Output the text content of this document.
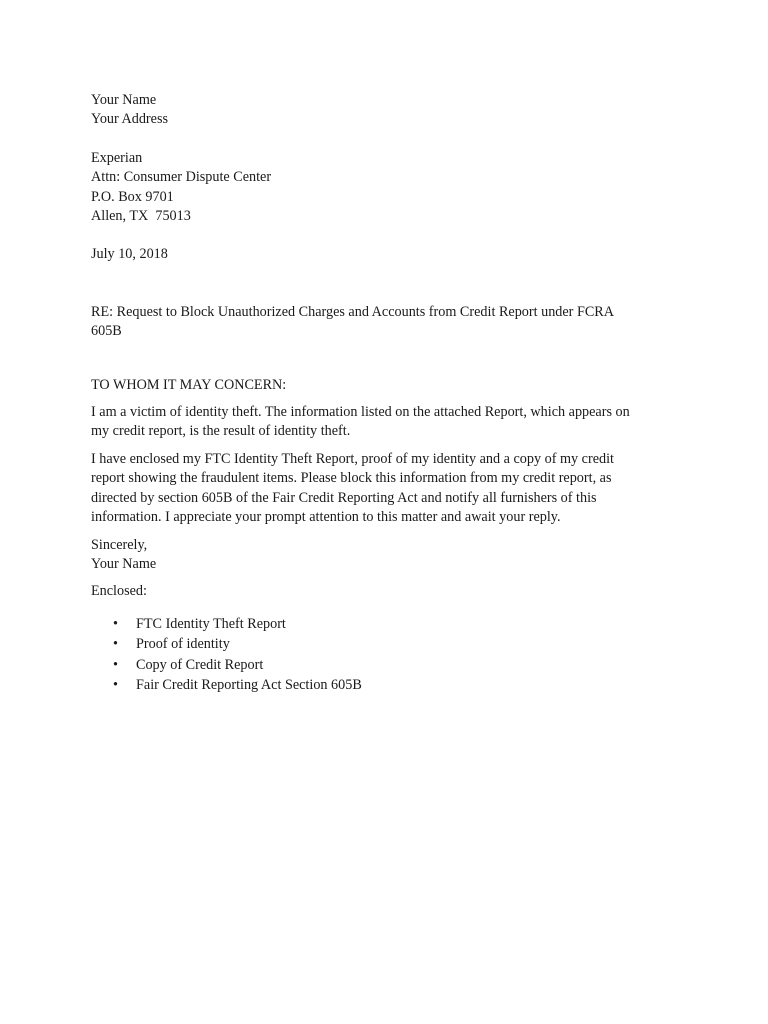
Your Name
Your Address
Experian
Attn: Consumer Dispute Center
P.O. Box 9701
Allen, TX  75013
July 10, 2018
RE: Request to Block Unauthorized Charges and Accounts from Credit Report under FCRA
605B
TO WHOM IT MAY CONCERN:
I am a victim of identity theft. The information listed on the attached Report, which appears on
my credit report, is the result of identity theft.
I have enclosed my FTC Identity Theft Report, proof of my identity and a copy of my credit
report showing the fraudulent items. Please block this information from my credit report, as
directed by section 605B of the Fair Credit Reporting Act and notify all furnishers of this
information. I appreciate your prompt attention to this matter and await your reply.
Sincerely,
Your Name
Enclosed:
• FTC Identity Theft Report
• Proof of identity
• Copy of Credit Report
• Fair Credit Reporting Act Section 605B
